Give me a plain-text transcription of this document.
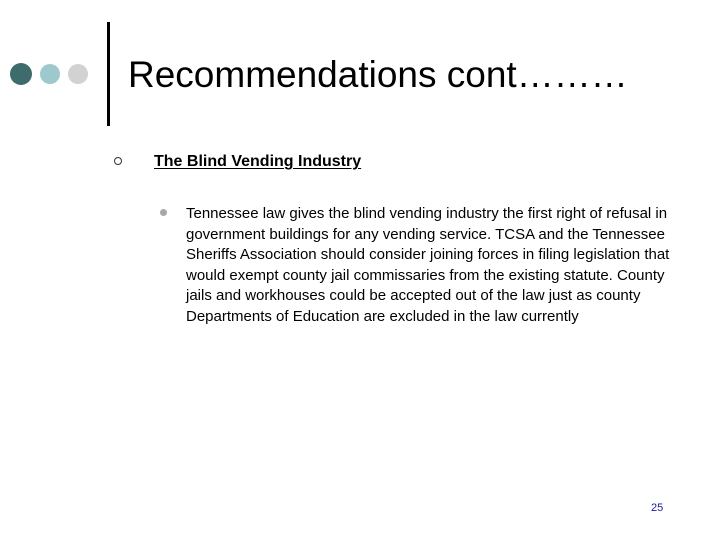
Recommendations cont………
The Blind Vending Industry
Tennessee law gives the blind vending industry the first right of refusal in government buildings for any vending service. TCSA and the Tennessee Sheriffs Association should consider joining forces in filing legislation that would exempt county jail commissaries from the existing statute. County jails and workhouses could be accepted out of the law just as county Departments of Education are excluded in the law currently
25
